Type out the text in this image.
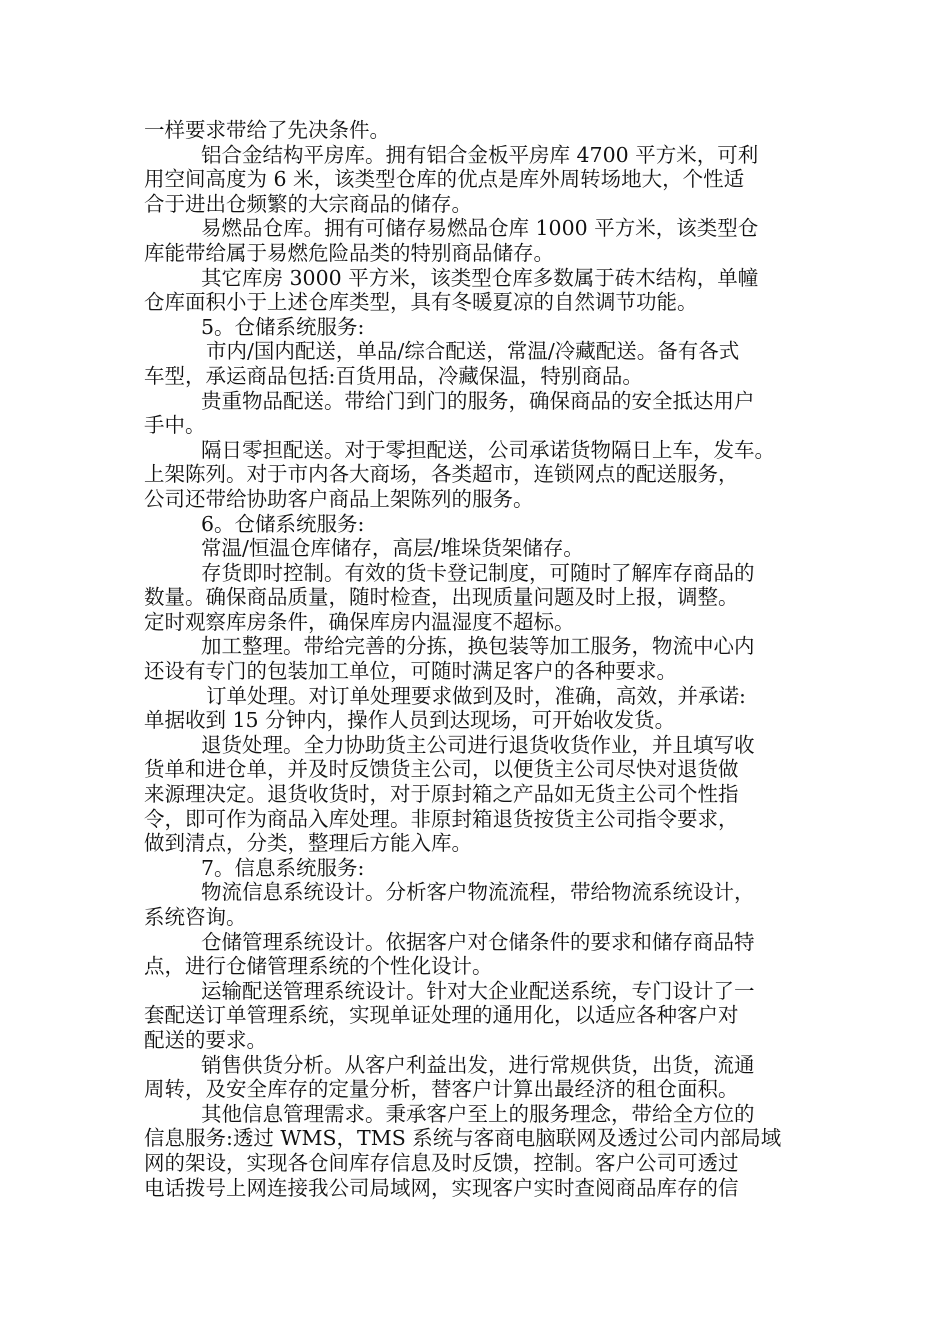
一样要求带给了先决条件。
铝合金结构平房库。拥有铝合金板平房库 4700 平方米，可利
用空间高度为 6 米，该类型仓库的优点是库外周转场地大，个性适
合于进出仓频繁的大宗商品的储存。
易燃品仓库。拥有可储存易燃品仓库 1000 平方米，该类型仓
库能带给属于易燃危险品类的特别商品储存。
其它库房 3000 平方米，该类型仓库多数属于砖木结构，单幢
仓库面积小于上述仓库类型，具有冬暖夏凉的自然调节功能。
5。仓储系统服务:
市内/国内配送，单品/综合配送，常温/冷藏配送。备有各式
车型，承运商品包括:百货用品，冷藏保温，特别商品。
贵重物品配送。带给门到门的服务，确保商品的安全抵达用户
手中。
隔日零担配送。对于零担配送，公司承诺货物隔日上车，发车。
上架陈列。对于市内各大商场，各类超市，连锁网点的配送服务，
公司还带给协助客户商品上架陈列的服务。
6。仓储系统服务:
常温/恒温仓库储存，高层/堆垛货架储存。
存货即时控制。有效的货卡登记制度，可随时了解库存商品的
数量。确保商品质量，随时检查，出现质量问题及时上报，调整。
定时观察库房条件，确保库房内温湿度不超标。
加工整理。带给完善的分拣，换包装等加工服务，物流中心内
还设有专门的包装加工单位，可随时满足客户的各种要求。
订单处理。对订单处理要求做到及时，准确，高效，并承诺:
单据收到 15 分钟内，操作人员到达现场，可开始收发货。
退货处理。全力协助货主公司进行退货收货作业，并且填写收
货单和进仓单，并及时反馈货主公司，以便货主公司尽快对退货做
来源理决定。退货收货时，对于原封箱之产品如无货主公司个性指
令，即可作为商品入库处理。非原封箱退货按货主公司指令要求，
做到清点，分类，整理后方能入库。
7。信息系统服务:
物流信息系统设计。分析客户物流流程，带给物流系统设计，
系统咨询。
仓储管理系统设计。依据客户对仓储条件的要求和储存商品特
点，进行仓储管理系统的个性化设计。
运输配送管理系统设计。针对大企业配送系统，专门设计了一
套配送订单管理系统，实现单证处理的通用化，以适应各种客户对
配送的要求。
销售供货分析。从客户利益出发，进行常规供货，出货，流通
周转，及安全库存的定量分析，替客户计算出最经济的租仓面积。
其他信息管理需求。秉承客户至上的服务理念，带给全方位的
信息服务:透过 WMS，TMS 系统与客商电脑联网及透过公司内部局域
网的架设，实现各仓间库存信息及时反馈，控制。客户公司可透过
电话拨号上网连接我公司局域网，实现客户实时查阅商品库存的信
